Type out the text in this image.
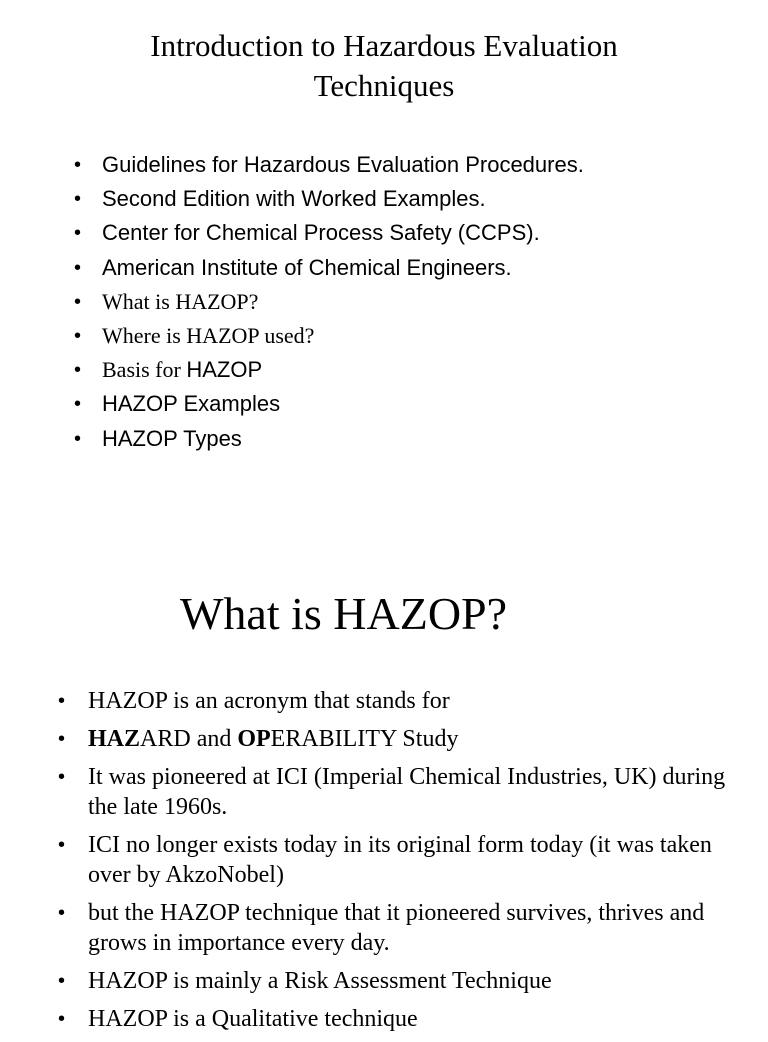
Introduction to Hazardous Evaluation
Techniques
• Guidelines for Hazardous Evaluation Procedures.
• Second Edition with Worked Examples.
• Center for Chemical Process Safety (CCPS).
• American Institute of Chemical Engineers.
• What is HAZOP?
• Where is HAZOP used?
• Basis for HAZOP
• HAZOP Examples
• HAZOP Types
What is HAZOP?
• HAZOP is an acronym that stands for
• HAZARD and OPERABILITY Study
• It was pioneered at ICI (Imperial Chemical Industries, UK) during the late 1960s.
• ICI no longer exists today in its original form today (it was taken over by AkzoNobel)
• but the HAZOP technique that it pioneered survives, thrives and grows in importance every day.
• HAZOP is mainly a Risk Assessment Technique
• HAZOP is a Qualitative technique
